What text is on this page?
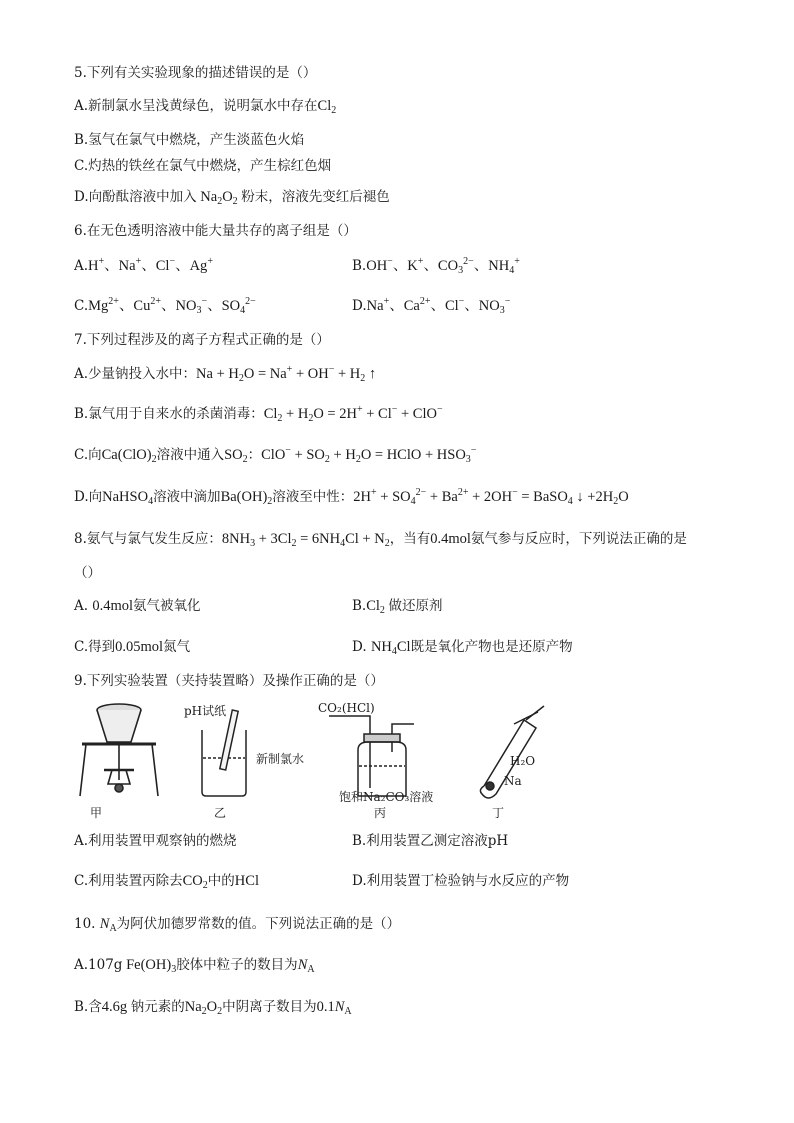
5.下列有关实验现象的描述错误的是（）
A.新制氯水呈浅黄绿色，说明氯水中存在$Cl_2$
B.氢气在氯气中燃烧，产生淡蓝色火焰
C.灼热的铁丝在氯气中燃烧，产生棕红色烟
D.向酚酞溶液中加入 $Na_2O_2$ 粉末，溶液先变红后褪色
6.在无色透明溶液中能大量共存的离子组是（）
A.H+、Na+、Cl−、Ag+	B.OH−、K+、$CO_3^{2-}$、$NH_4^+$
$C.Mg^{2+}$、$Cu^{2+}$、$NO_3^-$、$SO_4^{2-}$	D.Na+、$Ca^{2+}$、Cl−、$NO_3^-$
7.下列过程涉及的离子方程式正确的是（）
A.少量钠投入水中：$Na + H_2O = Na^+ + OH^- + H_2$ ↑
B.氯气用于自来水的杀菌消毒：$Cl_2 + H_2O = 2H^+ + Cl^- + ClO^-$
C.向$Ca(ClO)_2$溶液中通入$SO_2$：$ClO^- + SO_2 + H_2O$ = HClO + $HSO_3^-$
D.向NaHSO$_4$溶液中滴加$Ba(OH)_2$溶液至中性：$2H^+ + SO_4^{2-} + Ba^{2+} + 2OH^-$ = BaSO$_4$ ↓ $+2H_2O$
8.氨气与氯气发生反应：$8NH_3 + 3Cl_2 = 6NH_4Cl + N_2$，当有0.4mol氨气参与反应时，下列说法正确的是
（）
A. 0.4mol氨气被氧化	$B.Cl_2$ 做还原剂
C.得到0.05mol氮气	D. $NH_4Cl$既是氧化产物也是还原产物
9.下列实验装置（夹持装置略）及操作正确的是（）
pH试纸
新制氯水
CO₂(HCl)
饱和Na₂CO₃溶液
H₂O
Na
甲	乙	丙	丁
A.利用装置甲观察钠的燃烧	B.利用装置乙测定溶液pH
C.利用装置丙除去$CO_2$中的HCl	D.利用装置丁检验钠与水反应的产物
10. $N_A$为阿伏加德罗常数的值。下列说法正确的是（）
A.107g $Fe(OH)_3$胶体中粒子的数目为$N_A$
B.含4.6g 钠元素的$Na_2O_2$中阴离子数目为$0.1N_A$
